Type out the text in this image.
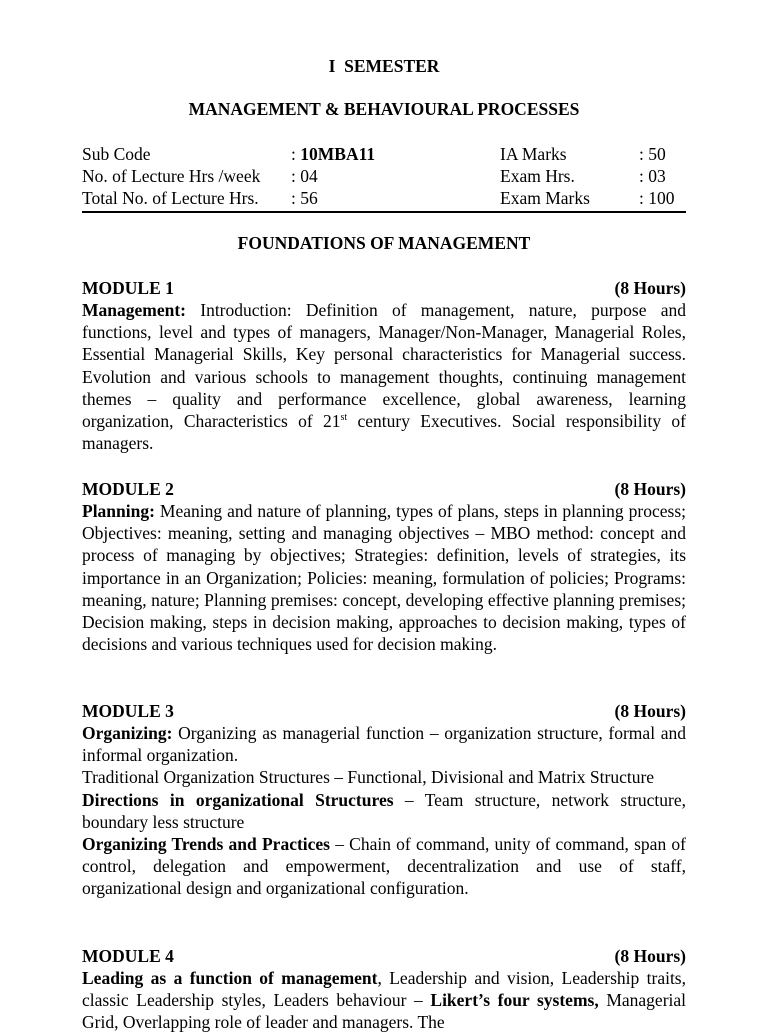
I  SEMESTER
MANAGEMENT & BEHAVIOURAL PROCESSES
Sub Code	: 10MBA11	IA Marks	: 50
No. of Lecture Hrs /week : 04	Exam Hrs.	: 03
Total No. of Lecture Hrs. : 56	Exam Marks	: 100
FOUNDATIONS OF MANAGEMENT
MODULE 1	(8 Hours)

Management: Introduction: Definition of management, nature, purpose and functions, level and types of managers, Manager/Non-Manager, Managerial Roles, Essential Managerial Skills, Key personal characteristics for Managerial success. Evolution and various schools to management thoughts, continuing management themes – quality and performance excellence, global awareness, learning organization, Characteristics of 21st century Executives. Social responsibility of managers.

MODULE 2	(8 Hours)

Planning: Meaning and nature of planning, types of plans, steps in planning process; Objectives: meaning, setting and managing objectives – MBO method: concept and process of managing by objectives; Strategies: definition, levels of strategies, its importance in an Organization; Policies: meaning, formulation of policies; Programs: meaning, nature; Planning premises: concept, developing effective planning premises; Decision making, steps in decision making, approaches to decision making, types of decisions and various techniques used for decision making.

MODULE 3	(8 Hours)

Organizing: Organizing as managerial function – organization structure, formal and informal organization.

Traditional Organization Structures – Functional, Divisional and Matrix Structure

Directions in organizational Structures – Team structure, network structure, boundary less structure

Organizing Trends and Practices – Chain of command, unity of command, span of control, delegation and empowerment, decentralization and use of staff, organizational design and organizational configuration.

MODULE 4	(8 Hours)

Leading as a function of management, Leadership and vision, Leadership traits, classic Leadership styles, Leaders behaviour – Likert’s four systems, Managerial Grid, Overlapping role of leader and managers. The
